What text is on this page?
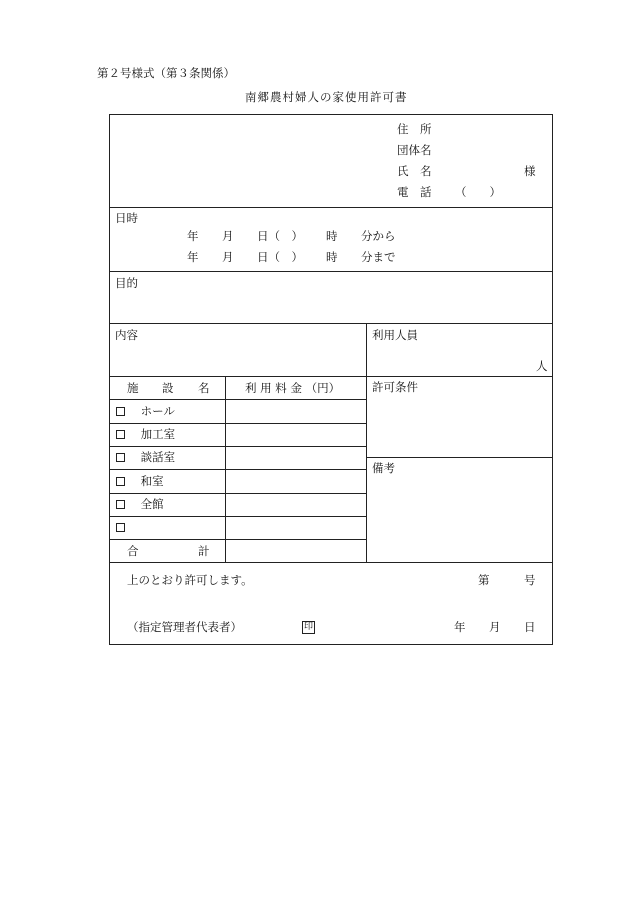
第２号様式（第３条関係）
南郷農村婦人の家使用許可書
住　所
団体名
氏　名	様
電　話 （　　）
日時
年 月 日（　） 時 分から
年 月 日（　） 時 分まで
目的
内容	利用人員
人
施 設 名	利 用 料 金 （円）
ホール
加工室
談話室
和室
全館
合	計
許可条件
備考
上のとおり許可します。	第	号
（指定管理者代表者）	印	年 月 日
